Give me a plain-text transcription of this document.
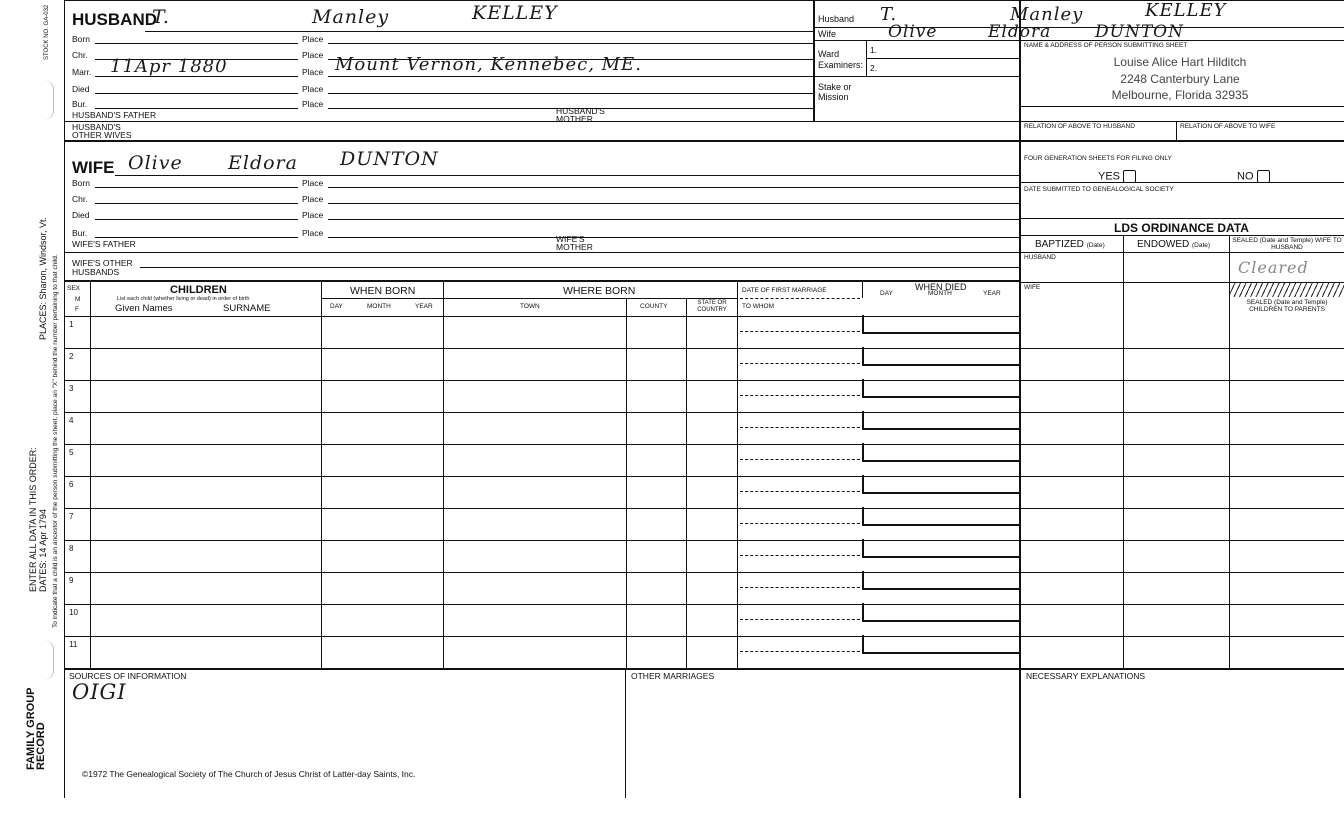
STOCK NO. GA-032
PLACES: Sharon, Windsor, Vt.
ENTER ALL DATA IN THIS ORDER: DATES: 14 Apr 1794 To indicate that a child is an ancestor of the person submitting the sheet, place an "X" behind the number pertaining to that child.
FAMILY GROUP RECORD
HUSBAND
T.	Manley	KELLEY
Born	Place
Chr.	Place
Marr. 11Apr 1880	Place Mount Vernon, Kennebec, ME.
Died	Place
Bur.	Place
HUSBAND'S FATHER	HUSBAND'S MOTHER
HUSBAND'S OTHER WIVES
WIFE Olive Eldora DUNTON
Born	Place
Chr.	Place
Died	Place
Bur.	Place
WIFE'S FATHER	WIFE'S MOTHER
WIFE'S OTHER HUSBANDS
Husband T.	Manley	KELLEY
Wife	Olive	Eldora	DUNTON
Ward
Examiners:
1.
2.
Stake or
Mission
NAME & ADDRESS OF PERSON SUBMITTING SHEET
Louise Alice Hart Hilditch
2248 Canterbury Lane
Melbourne, Florida 32935
RELATION OF ABOVE TO HUSBAND	RELATION OF ABOVE TO WIFE
FOUR GENERATION SHEETS FOR FILING ONLY
YES	NO
DATE SUBMITTED TO GENEALOGICAL SOCIETY
LDS ORDINANCE DATA
BAPTIZED (Date)	ENDOWED (Date)
SEALED (Date and Temple) WIFE TO HUSBAND
HUSBAND
Cleared
WIFE
SEALED (Date and Temple) CHILDREN TO PARENTS
SEX
M
F
CHILDREN
List each child (whether living or dead) in order of birth
Given Names	SURNAME
WHEN BORN
DAY	MONTH	YEAR
WHERE BORN
TOWN	COUNTY	STATE OR COUNTRY
DATE OF FIRST MARRIAGE
TO WHOM
WHEN DIED
DAY	MONTH	YEAR
1
2
3
4
5
6
7
8
9
10
11
SOURCES OF INFORMATION
OIGI
OTHER MARRIAGES	NECESSARY EXPLANATIONS
©1972 The Genealogical Society of The Church of Jesus Christ of Latter-day Saints, Inc.
